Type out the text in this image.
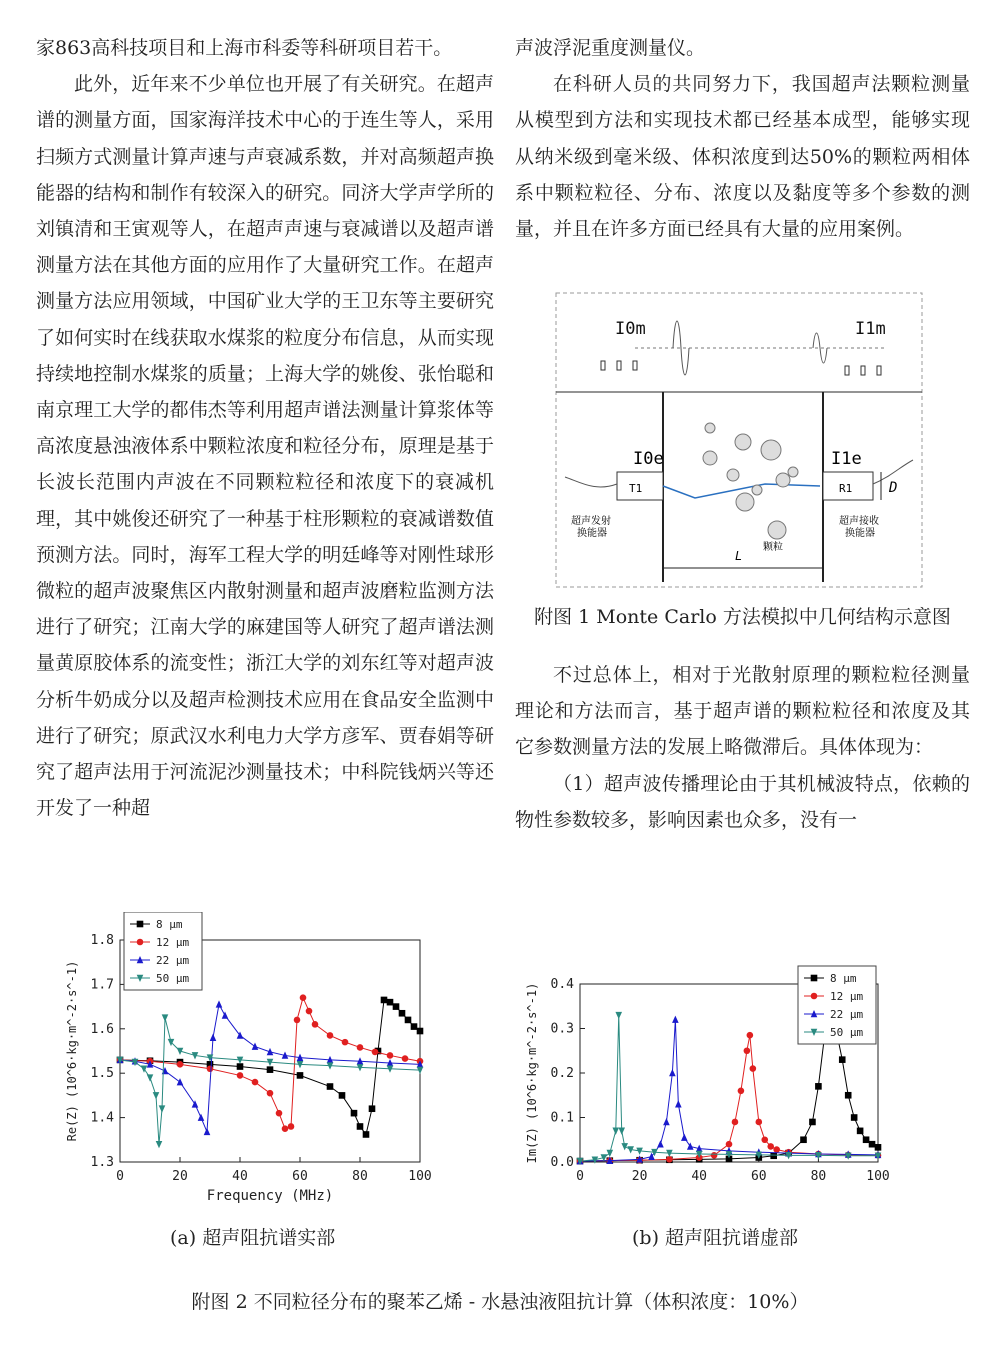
家863高科技项目和上海市科委等科研项目若干。

此外，近年来不少单位也开展了有关研究。在超声谱的测量方面，国家海洋技术中心的于连生等人，采用扫频方式测量计算声速与声衰减系数，并对高频超声换能器的结构和制作有较深入的研究。同济大学声学所的刘镇清和王寅观等人，在超声声速与衰减谱以及超声谱测量方法在其他方面的应用作了大量研究工作。在超声测量方法应用领域，中国矿业大学的王卫东等主要研究了如何实时在线获取水煤浆的粒度分布信息，从而实现持续地控制水煤浆的质量；上海大学的姚俊、张怡聪和南京理工大学的都伟杰等利用超声谱法测量计算浆体等高浓度悬浊液体系中颗粒浓度和粒径分布，原理是基于长波长范围内声波在不同颗粒粒径和浓度下的衰减机理，其中姚俊还研究了一种基于柱形颗粒的衰减谱数值预测方法。同时，海军工程大学的明廷峰等对刚性球形微粒的超声波聚焦区内散射测量和超声波磨粒监测方法进行了研究；江南大学的麻建国等人研究了超声谱法测量黄原胶体系的流变性；浙江大学的刘东红等对超声波分析牛奶成分以及超声检测技术应用在食品安全监测中进行了研究；原武汉水利电力大学方彦军、贾春娟等研究了超声法用于河流泥沙测量技术；中科院钱炳兴等还开发了一种超

声波浮泥重度测量仪。

在科研人员的共同努力下，我国超声法颗粒测量从模型到方法和实现技术都已经基本成型，能够实现从纳米级到毫米级、体积浓度到达50%的颗粒两相体系中颗粒粒径、分布、浓度以及黏度等多个参数的测量，并且在许多方面已经具有大量的应用案例。

I0m	I1m
T1	R1
I0e	I1e
D
超声发射换能器
超声接收换能器
颗粒
L
附图 1 Monte Carlo 方法模拟中几何结构示意图

不过总体上，相对于光散射原理的颗粒粒径测量理论和方法而言，基于超声谱的颗粒粒径和浓度及其它参数测量方法的发展上略微滞后。具体体现为：

（1）超声波传播理论由于其机械波特点，依赖的物性参数较多，影响因素也众多，没有一

0	20	40	60	80	100
1.3
1.4
1.5
1.6
1.7
1.8
Frequency (MHz)
Re(Z) (10^6·kg·m^-2·s^-1)
8 μm
12 μm
22 μm
50 μm
0	20	40	60	80	100
0.0
0.1
0.2
0.3
0.4
Im(Z) (10^6·kg·m^-2·s^-1)
8 μm
12 μm
22 μm
50 μm
(a) 超声阻抗谱实部	(b) 超声阻抗谱虚部
附图 2 不同粒径分布的聚苯乙烯 - 水悬浊液阻抗计算（体积浓度：10%）
